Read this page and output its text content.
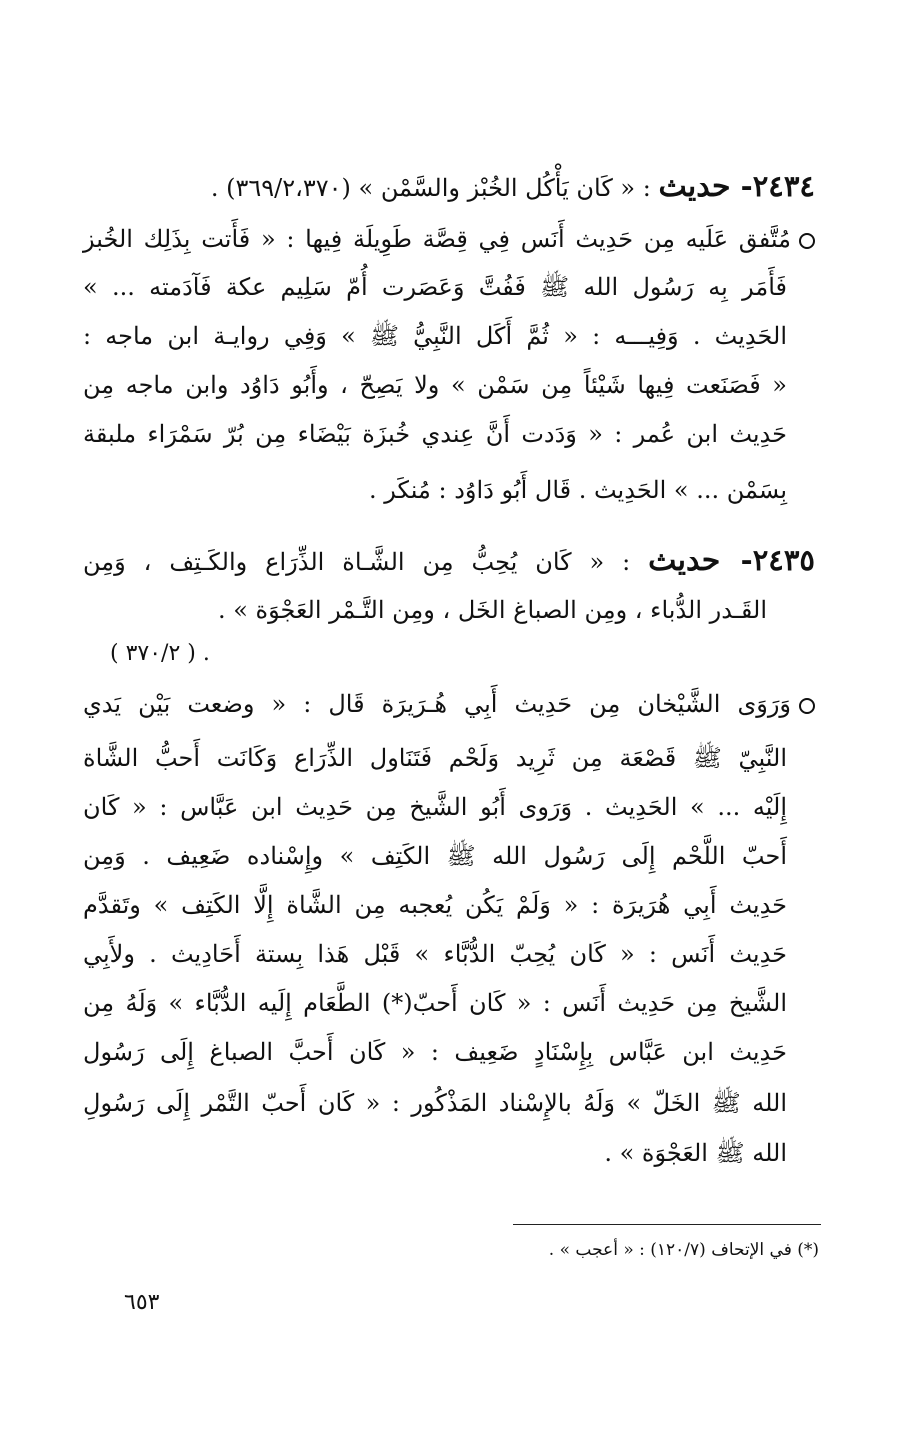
٢٤٣٤- حديث : « كَان يَأْكُل الخُبْز والسَّمْن » (٣٦٩/٢،٣٧٠) .
مُتَّفق عَلَيه مِن حَدِيث أَنَس فِي قِصَّة طَوِيلَة فِيها : « فَأَتت بِذَلِك الخُبز
فَأَمَر بِه رَسُول الله ﷺ فَفُتَّ وَعَصَرت أُمّ سَلِيم عكة فَآدَمته ... »
الحَدِيث . وَفِيـــه : « ثُمَّ أَكَل النَّبِيُّ ﷺ » وَفِي روايـة ابن ماجه :
« فَصَنَعت فِيها شَيْئاً مِن سَمْن » ولا يَصِحّ ، وأَبُو دَاوُد وابن ماجه مِن
حَدِيث ابن عُمر : « وَدَدت أَنَّ عِندي خُبزَة بَيْضَاء مِن بُرّ سَمْرَاء ملبقة
بِسَمْن ... » الحَدِيث . قَال أَبُو دَاوُد : مُنكَر .
٢٤٣٥- حديث : « كَان يُحِبُّ مِن الشَّـاة الذِّرَاع والكَـتِف ، وَمِن
القَـدر الدُّباء ، ومِن الصباغ الخَل ، ومِن التَّـمْر العَجْوَة » .
. ( ٣٧٠/٢ )
وَرَوَى الشَّيْخان مِن حَدِيث أَبِي هُـرَيرَة قَال : « وضعت بَيْن يَدي
النَّبِيّ ﷺ قَصْعَة مِن ثَرِيد وَلَحْم فَتَنَاول الذِّرَاع وَكَانَت أَحبُّ الشَّاة
إِلَيْه ... » الحَدِيث . وَرَوى أَبُو الشَّيخ مِن حَدِيث ابن عَبَّاس : « كَان
أَحبّ اللَّحْم إِلَى رَسُول الله ﷺ الكَتِف » وإِسْناده ضَعِيف . وَمِن
حَدِيث أَبِي هُرَيرَة : « وَلَمْ يَكُن يُعجبه مِن الشَّاة إِلَّا الكَتِف » وتَقدَّم
حَدِيث أَنَس : « كَان يُحِبّ الدُّبَّاء » قَبْل هَذا بِستة أَحَادِيث . ولأَبِي
الشَّيخ مِن حَدِيث أَنَس : « كَان أَحبّ(*) الطَّعَام إِلَيه الدُّبَّاء » وَلَهُ مِن
حَدِيث ابن عَبَّاس بِإِسْنَادٍ ضَعِيف : « كَان أَحبَّ الصباغ إِلَى رَسُول
الله ﷺ الخَلّ » وَلَهُ بالإِسْناد المَذْكُور : « كَان أَحبّ التَّمْر إِلَى رَسُولِ
الله ﷺ العَجْوَة » .
(*) في الإتحاف (١٢٠/٧) : « أعجب » .
٦٥٣
